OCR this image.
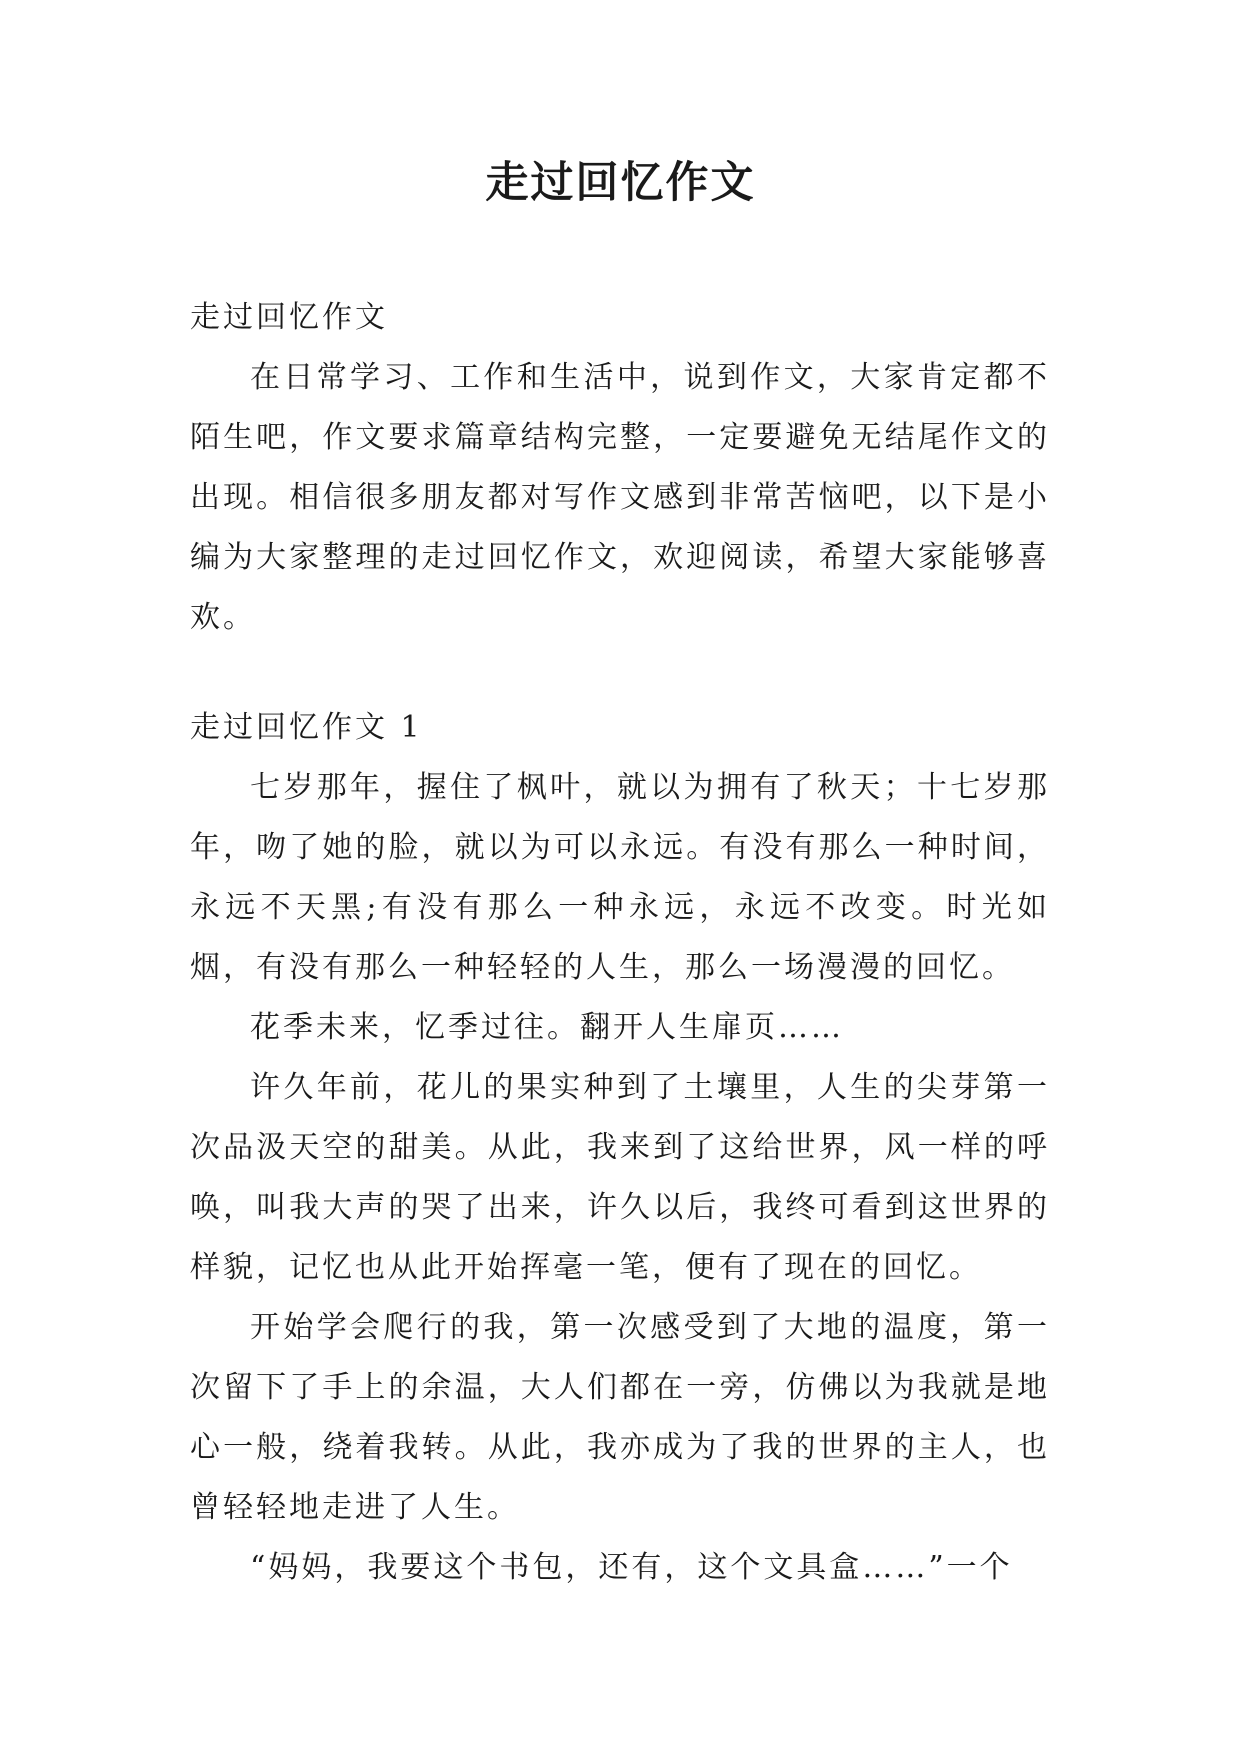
走过回忆作文

走过回忆作文

在日常学习、工作和生活中，说到作文，大家肯定都不陌生吧，作文要求篇章结构完整，一定要避免无结尾作文的出现。相信很多朋友都对写作文感到非常苦恼吧，以下是小编为大家整理的走过回忆作文，欢迎阅读，希望大家能够喜欢。

走过回忆作文 1

七岁那年，握住了枫叶，就以为拥有了秋天；十七岁那年，吻了她的脸，就以为可以永远。有没有那么一种时间，永远不天黑;有没有那么一种永远，永远不改变。时光如烟，有没有那么一种轻轻的人生，那么一场漫漫的回忆。

花季未来，忆季过往。翻开人生扉页……

许久年前，花儿的果实种到了土壤里，人生的尖芽第一次品汲天空的甜美。从此，我来到了这给世界，风一样的呼唤，叫我大声的哭了出来，许久以后，我终可看到这世界的样貌，记忆也从此开始挥毫一笔，便有了现在的回忆。

开始学会爬行的我，第一次感受到了大地的温度，第一次留下了手上的余温，大人们都在一旁，仿佛以为我就是地心一般，绕着我转。从此，我亦成为了我的世界的主人，也曾轻轻地走进了人生。

“妈妈，我要这个书包，还有，这个文具盒……”一个
